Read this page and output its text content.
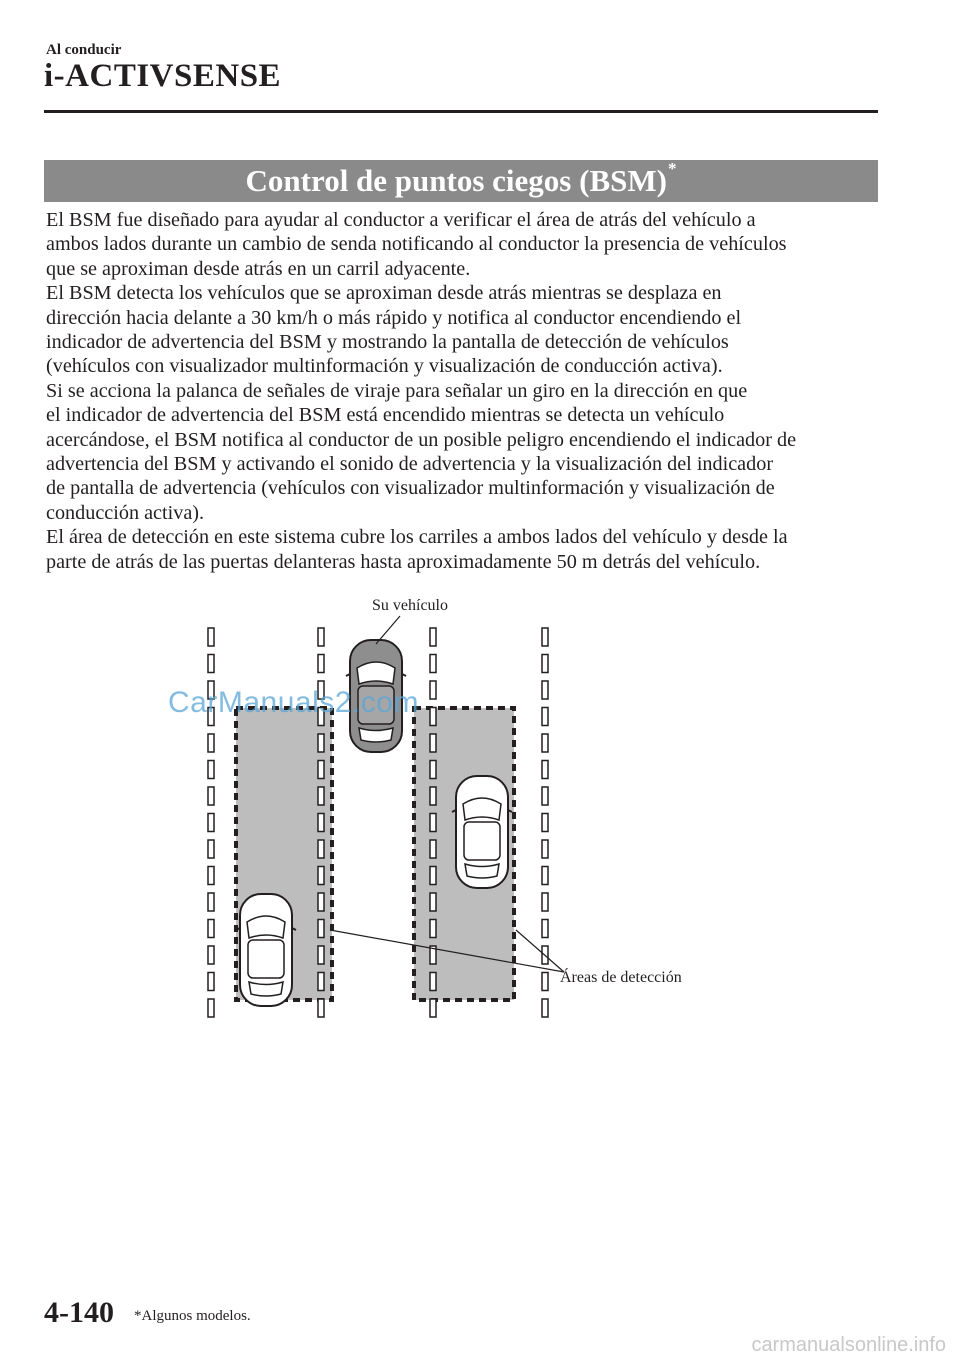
Al conducir
i-ACTIVSENSE
Control de puntos ciegos (BSM)*

El BSM fue diseñado para ayudar al conductor a verificar el área de atrás del vehículo a
ambos lados durante un cambio de senda notificando al conductor la presencia de vehículos
que se aproximan desde atrás en un carril adyacente.

El BSM detecta los vehículos que se aproximan desde atrás mientras se desplaza en
dirección hacia delante a 30 km/h o más rápido y notifica al conductor encendiendo el
indicador de advertencia del BSM y mostrando la pantalla de detección de vehículos
(vehículos con visualizador multinformación y visualización de conducción activa).

Si se acciona la palanca de señales de viraje para señalar un giro en la dirección en que
el indicador de advertencia del BSM está encendido mientras se detecta un vehículo
acercándose, el BSM notifica al conductor de un posible peligro encendiendo el indicador de
advertencia del BSM y activando el sonido de advertencia y la visualización del indicador
de pantalla de advertencia (vehículos con visualizador multinformación y visualización de
conducción activa).

El área de detección en este sistema cubre los carriles a ambos lados del vehículo y desde la
parte de atrás de las puertas delanteras hasta aproximadamente 50 m detrás del vehículo.

Su vehículo
Áreas de detección
CarManuals2.com
4-140 *Algunos modelos.
carmanualsonline.info
